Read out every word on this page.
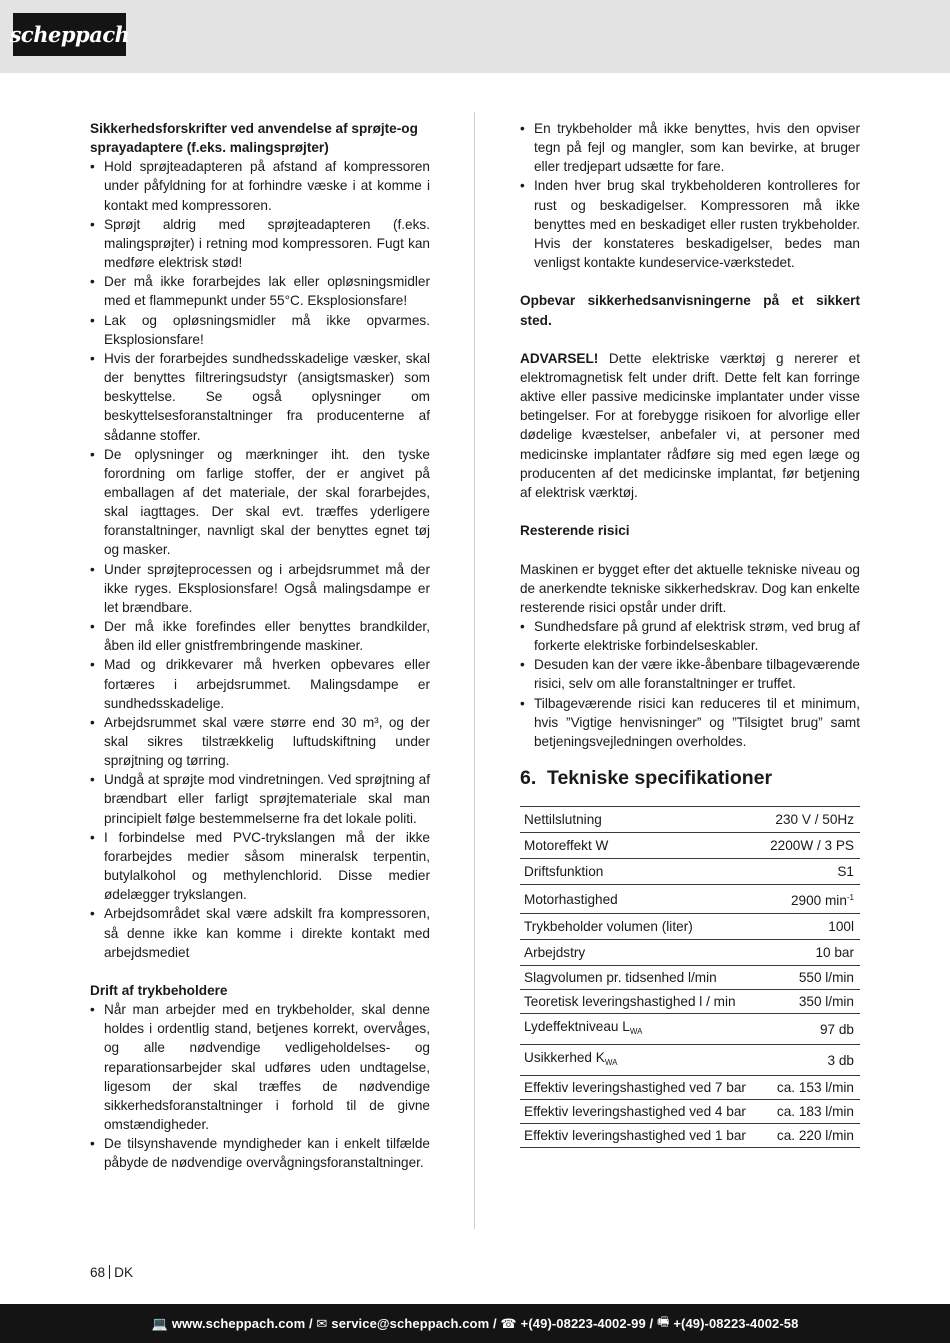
scheppach
Sikkerhedsforskrifter ved anvendelse af sprøjte-og sprayadaptere (f.eks. malingsprøjter)
• Hold sprøjteadapteren på afstand af kompressoren under påfyldning for at forhindre væske i at komme i kontakt med kompressoren.
• Sprøjt aldrig med sprøjteadapteren (f.eks. malingsprøjter) i retning mod kompressoren. Fugt kan medføre elektrisk stød!
• Der må ikke forarbejdes lak eller opløsningsmidler med et flammepunkt under 55°C. Eksplosionsfare!
• Lak og opløsningsmidler må ikke opvarmes. Eksplosionsfare!
• Hvis der forarbejdes sundhedsskadelige væsker, skal der benyttes filtreringsudstyr (ansigtsmasker) som beskyttelse. Se også oplysninger om beskyttelsesforanstaltninger fra producenterne af sådanne stoffer.
• De oplysninger og mærkninger iht. den tyske forordning om farlige stoffer, der er angivet på emballagen af det materiale, der skal forarbejdes, skal iagttages. Der skal evt. træffes yderligere foranstaltninger, navnligt skal der benyttes egnet tøj og masker.
• Under sprøjteprocessen og i arbejdsrummet må der ikke ryges. Eksplosionsfare! Også malingsdampe er let brændbare.
• Der må ikke forefindes eller benyttes brandkilder, åben ild eller gnistfrembringende maskiner.
• Mad og drikkevarer må hverken opbevares eller fortæres i arbejdsrummet. Malingsdampe er sundhedsskadelige.
• Arbejdsrummet skal være større end 30 m³, og der skal sikres tilstrækkelig luftudskiftning under sprøjtning og tørring.
• Undgå at sprøjte mod vindretningen. Ved sprøjtning af brændbart eller farligt sprøjtemateriale skal man principielt følge bestemmelserne fra det lokale politi.
• I forbindelse med PVC-trykslangen må der ikke forarbejdes medier såsom mineralsk terpentin, butylalkohol og methylenchlorid. Disse medier ødelægger trykslangen.
• Arbejdsområdet skal være adskilt fra kompressoren, så denne ikke kan komme i direkte kontakt med arbejdsmediet
Drift af trykbeholdere
• Når man arbejder med en trykbeholder, skal denne holdes i ordentlig stand, betjenes korrekt, overvåges, og alle nødvendige vedligeholdelses- og reparationsarbejder skal udføres uden undtagelse, ligesom der skal træffes de nødvendige sikkerhedsforanstaltninger i forhold til de givne omstændigheder.
• De tilsynshavende myndigheder kan i enkelt tilfælde påbyde de nødvendige overvågningsforanstaltninger.
• En trykbeholder må ikke benyttes, hvis den opviser tegn på fejl og mangler, som kan bevirke, at bruger eller tredjepart udsætte for fare.
• Inden hver brug skal trykbeholderen kontrolleres for rust og beskadigelser. Kompressoren må ikke benyttes med en beskadiget eller rusten trykbeholder. Hvis der konstateres beskadigelser, bedes man venligst kontakte kundeservice-værkstedet.
Opbevar sikkerhedsanvisningerne på et sikkert sted.
ADVARSEL! Dette elektriske værktøj g nererer et elektromagnetisk felt under drift. Dette felt kan forringe aktive eller passive medicinske implantater under visse betingelser. For at forebygge risikoen for alvorlige eller dødelige kvæstelser, anbefaler vi, at personer med medicinske implantater rådføre sig med egen læge og producenten af det medicinske implantat, før betjening af elektrisk værktøj.
Resterende risici
Maskinen er bygget efter det aktuelle tekniske niveau og de anerkendte tekniske sikkerhedskrav. Dog kan enkelte resterende risici opstår under drift.
• Sundhedsfare på grund af elektrisk strøm, ved brug af forkerte elektriske forbindelseskabler.
• Desuden kan der være ikke-åbenbare tilbageværende risici, selv om alle foranstaltninger er truffet.
• Tilbageværende risici kan reduceres til et minimum, hvis ”Vigtige henvisninger” og ”Tilsigtet brug” samt betjeningsvejledningen overholdes.
6. Tekniske specifikationer
Nettilslutning	230 V / 50Hz
Motoreffekt W	2200W / 3 PS
Driftsfunktion	S1
Motorhastighed	2900 $\min^{-1}$
Trykbeholder volumen (liter)	100l
Arbejdstry	10 bar
Slagvolumen pr. tidsenhed l/min	550 l/min
Teoretisk leveringshastighed l / min	350 l/min
Lydeffektniveau $L_{WA}$	97 db
Usikkerhed $K_{WA}$	3 db
Effektiv leveringshastighed ved 7 bar	ca. 153 l/min
Effektiv leveringshastighed ved 4 bar	ca. 183 l/min
Effektiv leveringshastighed ved 1 bar	ca. 220 l/min
68 DK
💻 www.scheppach.com / ✉ service@scheppach.com / ☎ +(49)-08223-4002-99 / 🖷 +(49)-08223-4002-58
